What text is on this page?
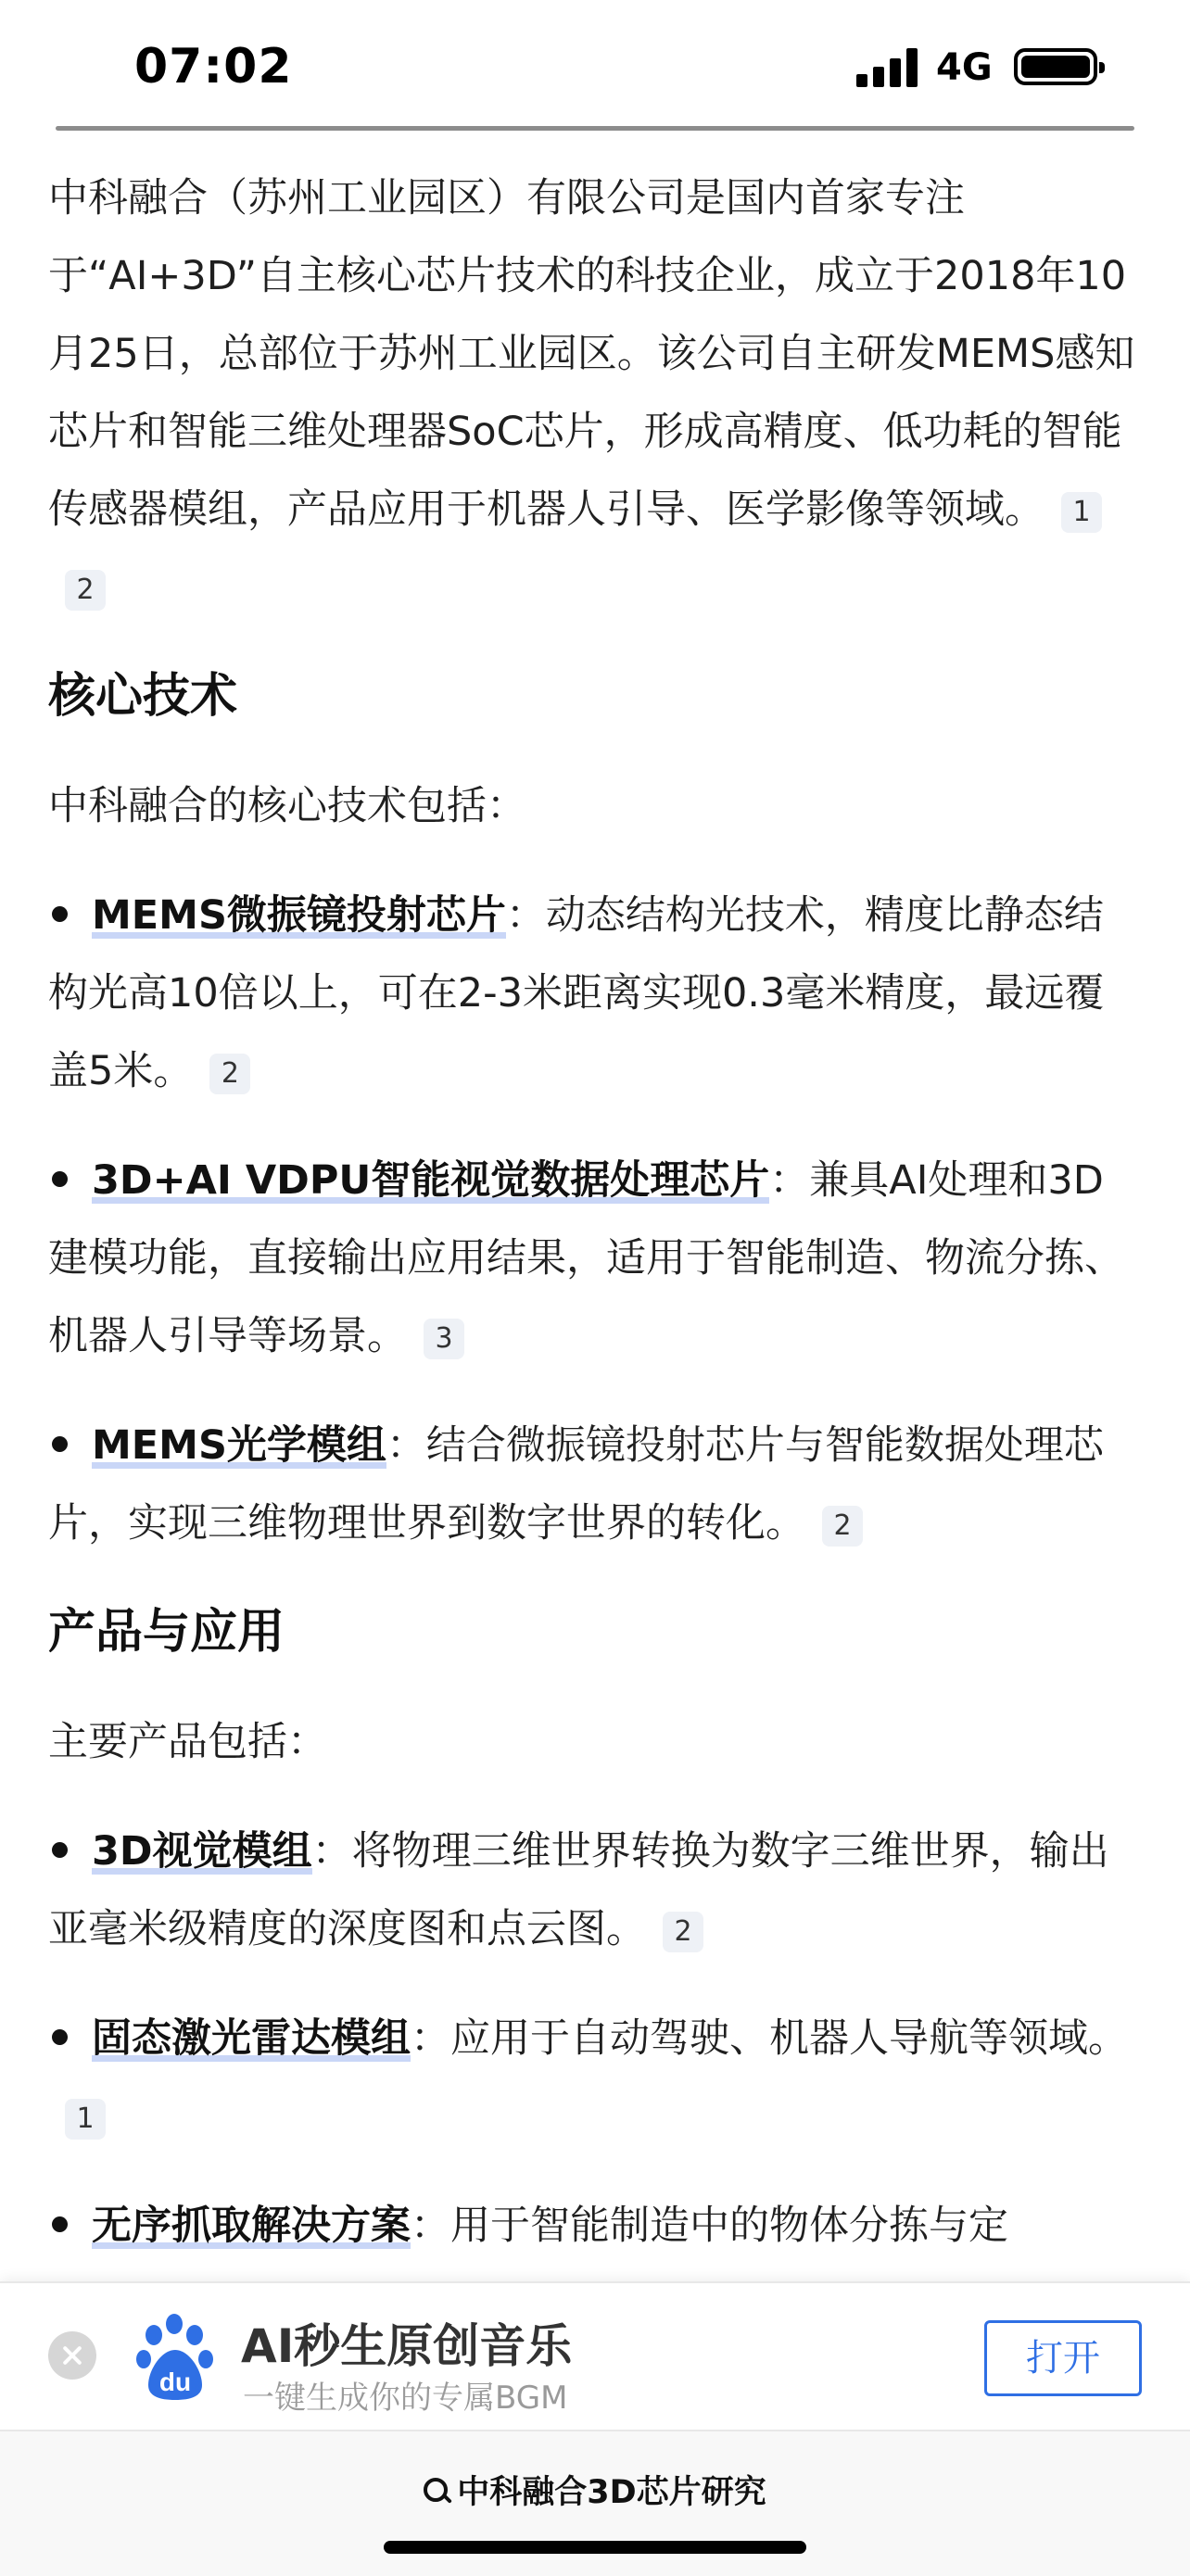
07:02	4G

中科融合（苏州工业园区）有限公司是国内首家专注于“AI+3D”自主核心芯片技术的科技企业，成立于2018年10月25日，总部位于苏州工业园区。该公司自主研发MEMS感知芯片和智能三维处理器SoC芯片，形成高精度、低功耗的智能传感器模组，产品应用于机器人引导、医学影像等领域。 12

核心技术

中科融合的核心技术包括：

MEMS微振镜投射芯片：动态结构光技术，精度比静态结构光高10倍以上，可在2-3米距离实现0.3毫米精度，最远覆盖5米。 2

3D+AI VDPU智能视觉数据处理芯片：兼具AI处理和3D建模功能，直接输出应用结果，适用于智能制造、物流分拣、机器人引导等场景。 3

MEMS光学模组：结合微振镜投射芯片与智能数据处理芯片，实现三维物理世界到数字世界的转化。 2

产品与应用

主要产品包括：

3D视觉模组：将物理三维世界转换为数字三维世界，输出亚毫米级精度的深度图和点云图。 2

固态激光雷达模组：应用于自动驾驶、机器人导航等领域。1

无序抓取解决方案：用于智能制造中的物体分拣与定

du
AI秒生原创音乐
一键生成你的专属BGM
打开
中科融合3D芯片研究
